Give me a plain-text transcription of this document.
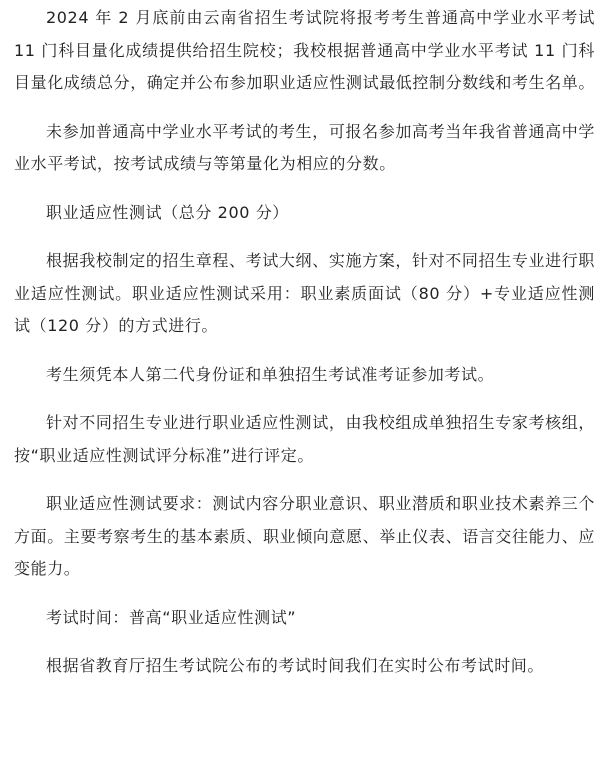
2024 年 2 月底前由云南省招生考试院将报考考生普通高中学业水平考试 11 门科目量化成绩提供给招生院校；我校根据普通高中学业水平考试 11 门科目量化成绩总分，确定并公布参加职业适应性测试最低控制分数线和考生名单。

未参加普通高中学业水平考试的考生，可报名参加高考当年我省普通高中学业水平考试，按考试成绩与等第量化为相应的分数。

职业适应性测试（总分 200 分）

根据我校制定的招生章程、考试大纲、实施方案，针对不同招生专业进行职业适应性测试。职业适应性测试采用：职业素质面试（80 分）+专业适应性测试（120 分）的方式进行。

考生须凭本人第二代身份证和单独招生考试准考证参加考试。

针对不同招生专业进行职业适应性测试，由我校组成单独招生专家考核组，按“职业适应性测试评分标准”进行评定。

职业适应性测试要求：测试内容分职业意识、职业潜质和职业技术素养三个方面。主要考察考生的基本素质、职业倾向意愿、举止仪表、语言交往能力、应变能力。

考试时间：普高“职业适应性测试”

根据省教育厅招生考试院公布的考试时间我们在实时公布考试时间。
